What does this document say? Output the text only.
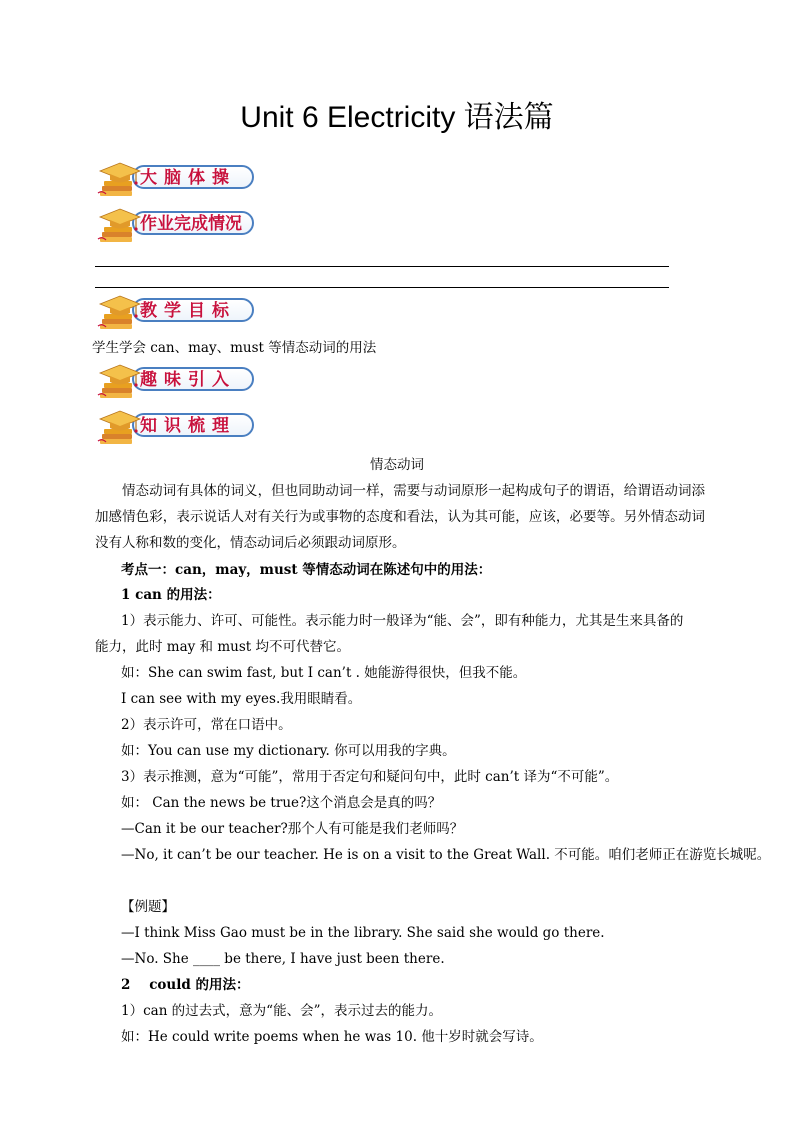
Unit 6 Electricity 语法篇
大脑体操
作业完成情况
教学目标
学生学会 can、may、must 等情态动词的用法
趣味引入
知识梳理
情态动词
情态动词有具体的词义，但也同助动词一样，需要与动词原形一起构成句子的谓语，给谓语动词添加感情色彩，表示说话人对有关行为或事物的态度和看法，认为其可能，应该，必要等。另外情态动词没有人称和数的变化，情态动词后必须跟动词原形。
考点一：can，may，must 等情态动词在陈述句中的用法：
1 can 的用法：
1）表示能力、许可、可能性。表示能力时一般译为“能、会”，即有种能力，尤其是生来具备的
能力，此时 may 和 must 均不可代替它。
如：She can swim fast, but I can’t . 她能游得很快，但我不能。
I can see with my eyes.我用眼睛看。
2）表示许可，常在口语中。
如：You can use my dictionary. 你可以用我的字典。
3）表示推测，意为“可能”，常用于否定句和疑问句中，此时 can’t 译为“不可能”。
如： Can the news be true?这个消息会是真的吗？
—Can it be our teacher?那个人有可能是我们老师吗？
—No, it can’t be our teacher. He is on a visit to the Great Wall. 不可能。咱们老师正在游览长城呢。
【例题】
—I think Miss Gao must be in the library. She said she would go there.
—No. She ____ be there, I have just been there.
2    could 的用法：
1）can 的过去式，意为“能、会”，表示过去的能力。
如：He could write poems when he was 10. 他十岁时就会写诗。
